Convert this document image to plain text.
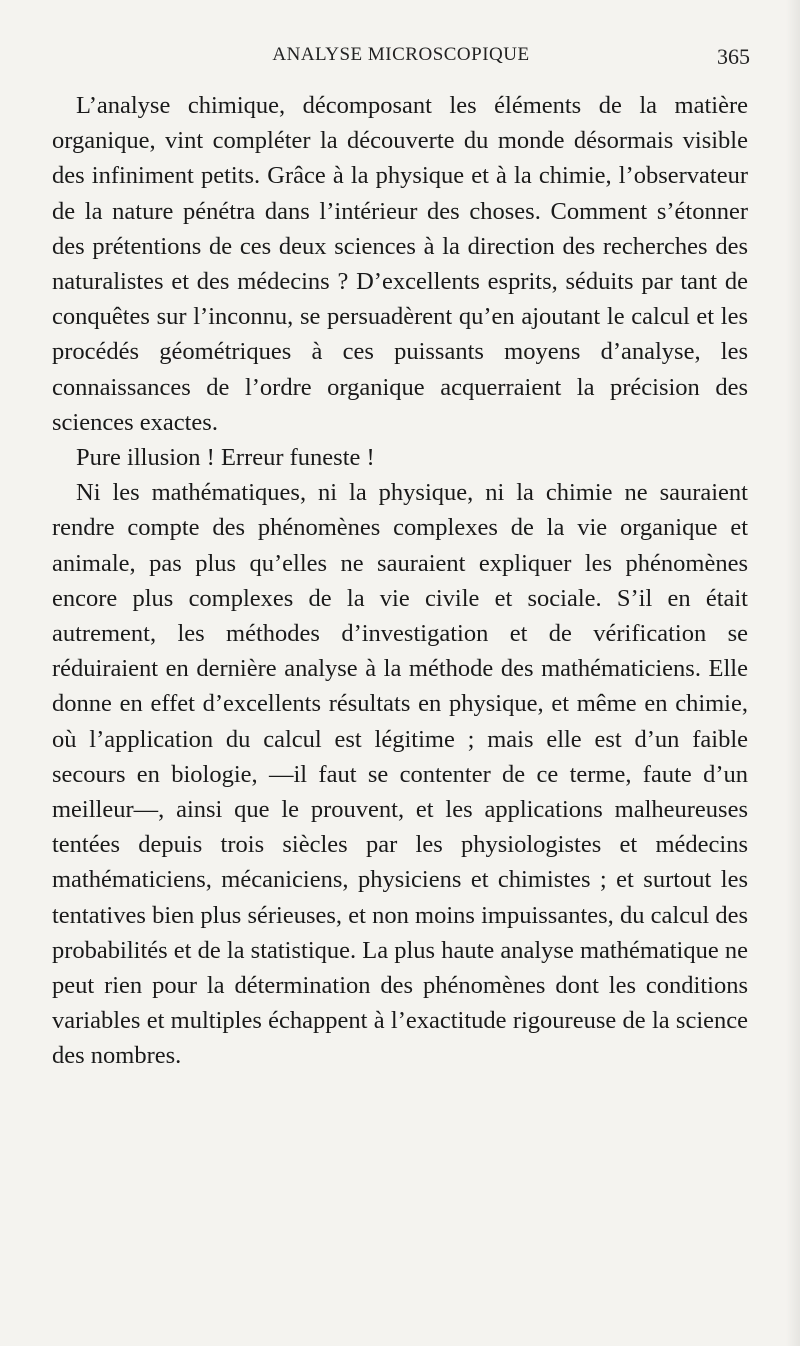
ANALYSE MICROSCOPIQUE	365

L’analyse chimique, décomposant les éléments de la matière organique, vint compléter la découverte du monde désormais visible des infiniment petits. Grâce à la physique et à la chimie, l’observateur de la nature pénétra dans l’intérieur des choses. Comment s’étonner des prétentions de ces deux sciences à la direction des recherches des naturalistes et des médecins ? D’excellents esprits, séduits par tant de conquêtes sur l’inconnu, se persuadèrent qu’en ajoutant le calcul et les procédés géométriques à ces puissants moyens d’analyse, les connaissances de l’ordre organique acquerraient la précision des sciences exactes.

Pure illusion ! Erreur funeste !

Ni les mathématiques, ni la physique, ni la chimie ne sauraient rendre compte des phénomènes complexes de la vie organique et animale, pas plus qu’elles ne sauraient expliquer les phénomènes encore plus complexes de la vie civile et sociale. S’il en était autrement, les méthodes d’investigation et de vérification se réduiraient en dernière analyse à la méthode des mathématiciens. Elle donne en effet d’excellents résultats en physique, et même en chimie, où l’application du calcul est légitime ; mais elle est d’un faible secours en biologie, —il faut se contenter de ce terme, faute d’un meilleur—, ainsi que le prouvent, et les applications malheureuses tentées depuis trois siècles par les physiologistes et médecins mathématiciens, mécaniciens, physiciens et chimistes ; et surtout les tentatives bien plus sérieuses, et non moins impuissantes, du calcul des probabilités et de la statistique. La plus haute analyse mathématique ne peut rien pour la détermination des phénomènes dont les conditions variables et multiples échappent à l’exactitude rigoureuse de la science des nombres.
